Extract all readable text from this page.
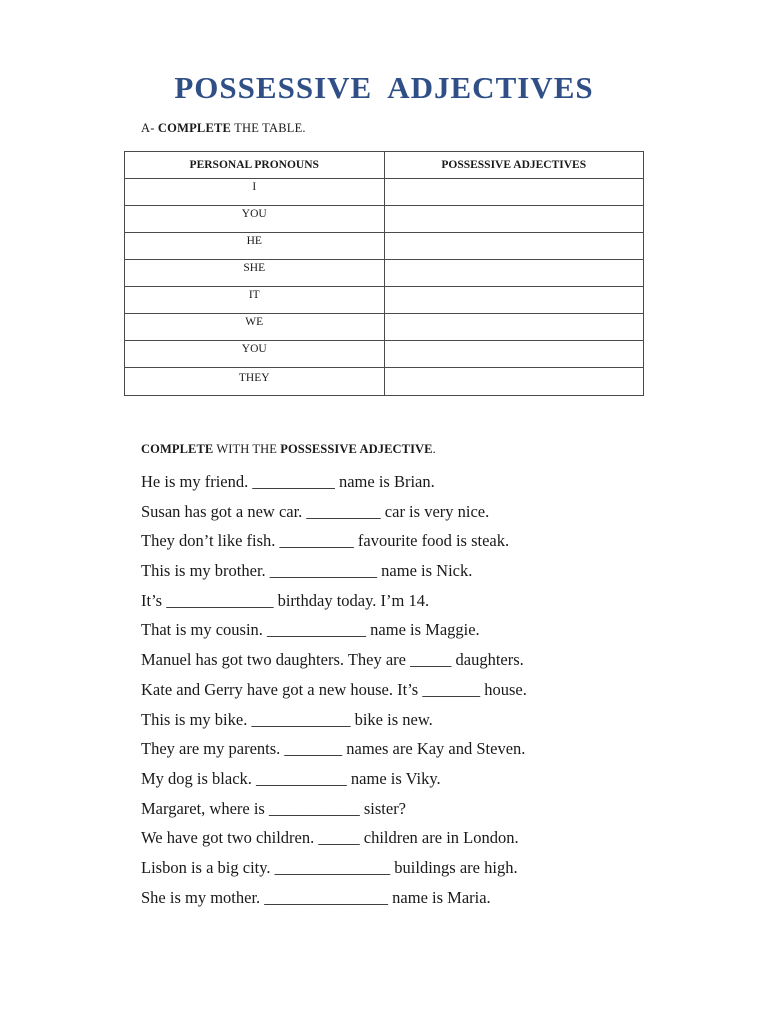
POSSESSIVE ADJECTIVES
A- COMPLETE THE TABLE.
PERSONAL PRONOUNS	POSSESSIVE ADJECTIVES
I	
YOU	
HE	
SHE	
IT	
WE	
YOU	
THEY	
COMPLETE WITH THE POSSESSIVE ADJECTIVE.
He is my friend. __________ name is Brian.
Susan has got a new car. _________ car is very nice.
They don’t like fish. _________ favourite food is steak.
This is my brother. _____________ name is Nick.
It’s _____________ birthday today. I’m 14.
That is my cousin. ____________ name is Maggie.
Manuel has got two daughters. They are _____ daughters.
Kate and Gerry have got a new house. It’s _______ house.
This is my bike. ____________ bike is new.
They are my parents. _______ names are Kay and Steven.
My dog is black. ___________ name is Viky.
Margaret, where is ___________ sister?
We have got two children. _____ children are in London.
Lisbon is a big city. ______________ buildings are high.
She is my mother. _______________ name is Maria.
